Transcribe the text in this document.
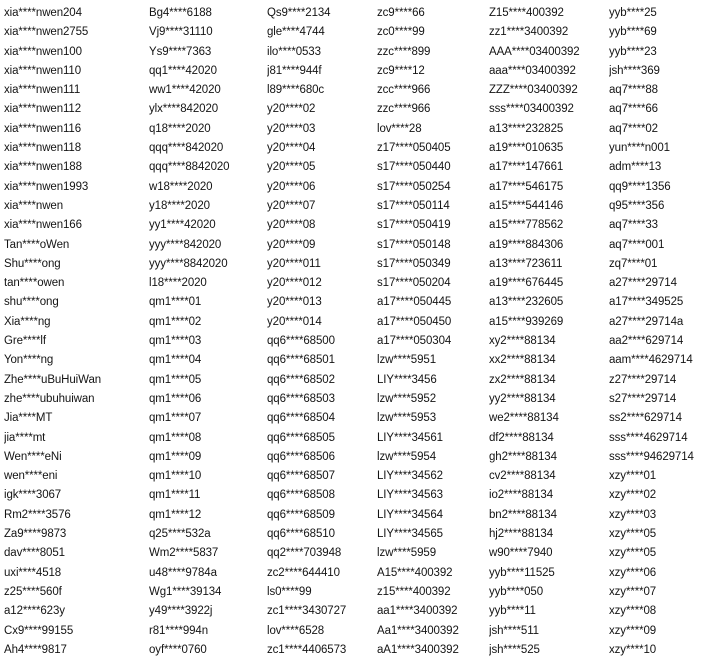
xia****nwen204
xia****nwen2755
xia****nwen100
xia****nwen110
xia****nwen111
xia****nwen112
xia****nwen116
xia****nwen118
xia****nwen188
xia****nwen1993
xia****nwen
xia****nwen166
Tan****oWen
Shu****ong
tan****owen
shu****ong
Xia****ng
Gre****lf
Yon****ng
Zhe****uBuHuiWan
zhe****ubuhuiwan
Jia****MT
jia****mt
Wen****eNi
wen****eni
igk****3067
Rm2****3576
Za9****9873
dav****8051
uxi****4518
z25****560f
a12****623y
Cx9****99155
Ah4****9817
Bg4****6188
Vj9****31110
Ys9****7363
qq1****42020
ww1****42020
ylx****842020
q18****2020
qqq****842020
qqq****8842020
w18****2020
y18****2020
yy1****42020
yyy****842020
yyy****8842020
l18****2020
qm1****01
qm1****02
qm1****03
qm1****04
qm1****05
qm1****06
qm1****07
qm1****08
qm1****09
qm1****10
qm1****11
qm1****12
q25****532a
Wm2****5837
u48****9784a
Wg1****39134
y49****3922j
r81****994n
oyf****0760
Qs9****2134
gle****4744
ilo****0533
j81****944f
l89****680c
y20****02
y20****03
y20****04
y20****05
y20****06
y20****07
y20****08
y20****09
y20****011
y20****012
y20****013
y20****014
qq6****68500
qq6****68501
qq6****68502
qq6****68503
qq6****68504
qq6****68505
qq6****68506
qq6****68507
qq6****68508
qq6****68509
qq6****68510
qq2****703948
zc2****644410
ls0****99
zc1****3430727
lov****6528
zc1****4406573
zc9****66
zc0****99
zzc****899
zc9****12
zcc****966
zzc****966
lov****28
z17****050405
s17****050440
s17****050254
s17****050114
s17****050419
s17****050148
s17****050349
s17****050204
a17****050445
a17****050450
a17****050304
lzw****5951
LIY****3456
lzw****5952
lzw****5953
LIY****34561
lzw****5954
LIY****34562
LIY****34563
LIY****34564
LIY****34565
lzw****5959
A15****400392
z15****400392
aa1****3400392
Aa1****3400392
aA1****3400392
Z15****400392
zz1****3400392
AAA****03400392
aaa****03400392
ZZZ****03400392
sss****03400392
a13****232825
a19****010635
a17****147661
a17****546175
a15****544146
a15****778562
a19****884306
a13****723611
a19****676445
a13****232605
a15****939269
xy2****88134
xx2****88134
zx2****88134
yy2****88134
we2****88134
df2****88134
gh2****88134
cv2****88134
io2****88134
bn2****88134
hj2****88134
w90****7940
yyb****11525
yyb****050
yyb****11
jsh****511
jsh****525
yyb****25
yyb****69
yyb****23
jsh****369
aq7****88
aq7****66
aq7****02
yun****n001
adm****13
qq9****1356
q95****356
aq7****33
aq7****001
zq7****01
a27****29714
a17****349525
a27****29714a
aa2****629714
aam****4629714
z27****29714
s27****29714
ss2****629714
sss****4629714
sss****94629714
xzy****01
xzy****02
xzy****03
xzy****05
xzy****05
xzy****06
xzy****07
xzy****08
xzy****09
xzy****10
